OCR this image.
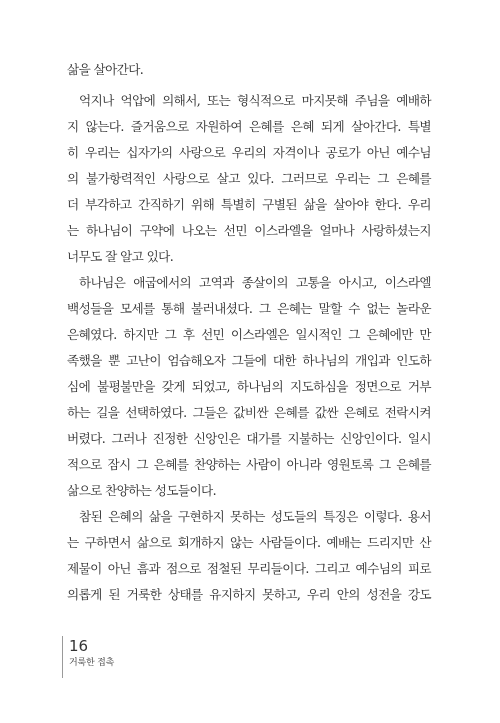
삶을 살아간다.
억지나 억압에 의해서, 또는 형식적으로 마지못해 주님을 예배하
지 않는다. 즐거움으로 자원하여 은혜를 은혜 되게 살아간다. 특별
히 우리는 십자가의 사랑으로 우리의 자격이나 공로가 아닌 예수님
의 불가항력적인 사랑으로 살고 있다. 그러므로 우리는 그 은혜를
더 부각하고 간직하기 위해 특별히 구별된 삶을 살아야 한다. 우리
는 하나님이 구약에 나오는 선민 이스라엘을 얼마나 사랑하셨는지
너무도 잘 알고 있다.
하나님은 애굽에서의 고역과 종살이의 고통을 아시고, 이스라엘
백성들을 모세를 통해 불러내셨다. 그 은혜는 말할 수 없는 놀라운
은혜였다. 하지만 그 후 선민 이스라엘은 일시적인 그 은혜에만 만
족했을 뿐 고난이 엄습해오자 그들에 대한 하나님의 개입과 인도하
심에 불평불만을 갖게 되었고, 하나님의 지도하심을 정면으로 거부
하는 길을 선택하였다. 그들은 값비싼 은혜를 값싼 은혜로 전락시켜
버렸다. 그러나 진정한 신앙인은 대가를 지불하는 신앙인이다. 일시
적으로 잠시 그 은혜를 찬양하는 사람이 아니라 영원토록 그 은혜를
삶으로 찬양하는 성도들이다.
참된 은혜의 삶을 구현하지 못하는 성도들의 특징은 이렇다. 용서
는 구하면서 삶으로 회개하지 않는 사람들이다. 예배는 드리지만 산
제물이 아닌 흠과 점으로 점철된 무리들이다. 그리고 예수님의 피로
의롭게 된 거룩한 상태를 유지하지 못하고, 우리 안의 성전을 강도
16
거룩한 접촉
